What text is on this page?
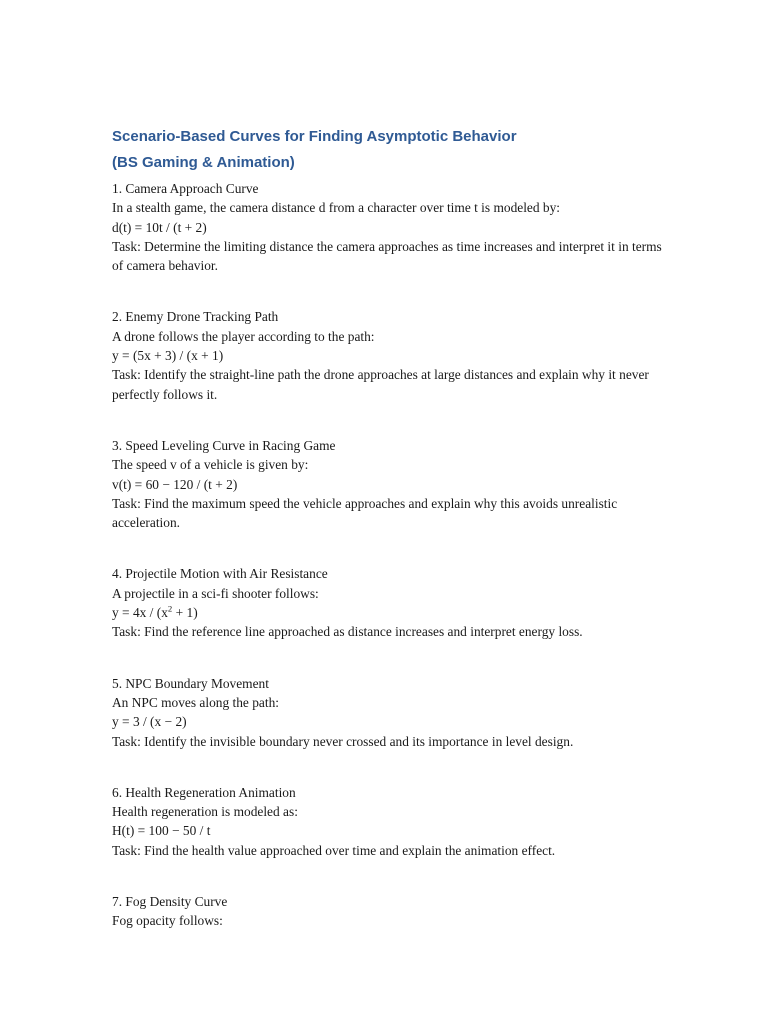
Scenario-Based Curves for Finding Asymptotic Behavior
(BS Gaming & Animation)

1. Camera Approach Curve

In a stealth game, the camera distance d from a character over time t is modeled by:

d(t) = 10t / (t + 2)

Task: Determine the limiting distance the camera approaches as time increases and interpret it in terms of camera behavior.

2. Enemy Drone Tracking Path

A drone follows the player according to the path:

y = (5x + 3) / (x + 1)

Task: Identify the straight-line path the drone approaches at large distances and explain why it never perfectly follows it.

3. Speed Leveling Curve in Racing Game

The speed v of a vehicle is given by:

v(t) = 60 − 120 / (t + 2)

Task: Find the maximum speed the vehicle approaches and explain why this avoids unrealistic acceleration.

4. Projectile Motion with Air Resistance

A projectile in a sci-fi shooter follows:

$y = 4x / (x^2 + 1)$

Task: Find the reference line approached as distance increases and interpret energy loss.

5. NPC Boundary Movement

An NPC moves along the path:

y = 3 / (x − 2)

Task: Identify the invisible boundary never crossed and its importance in level design.

6. Health Regeneration Animation

Health regeneration is modeled as:

H(t) = 100 − 50 / t

Task: Find the health value approached over time and explain the animation effect.

7. Fog Density Curve

Fog opacity follows:
